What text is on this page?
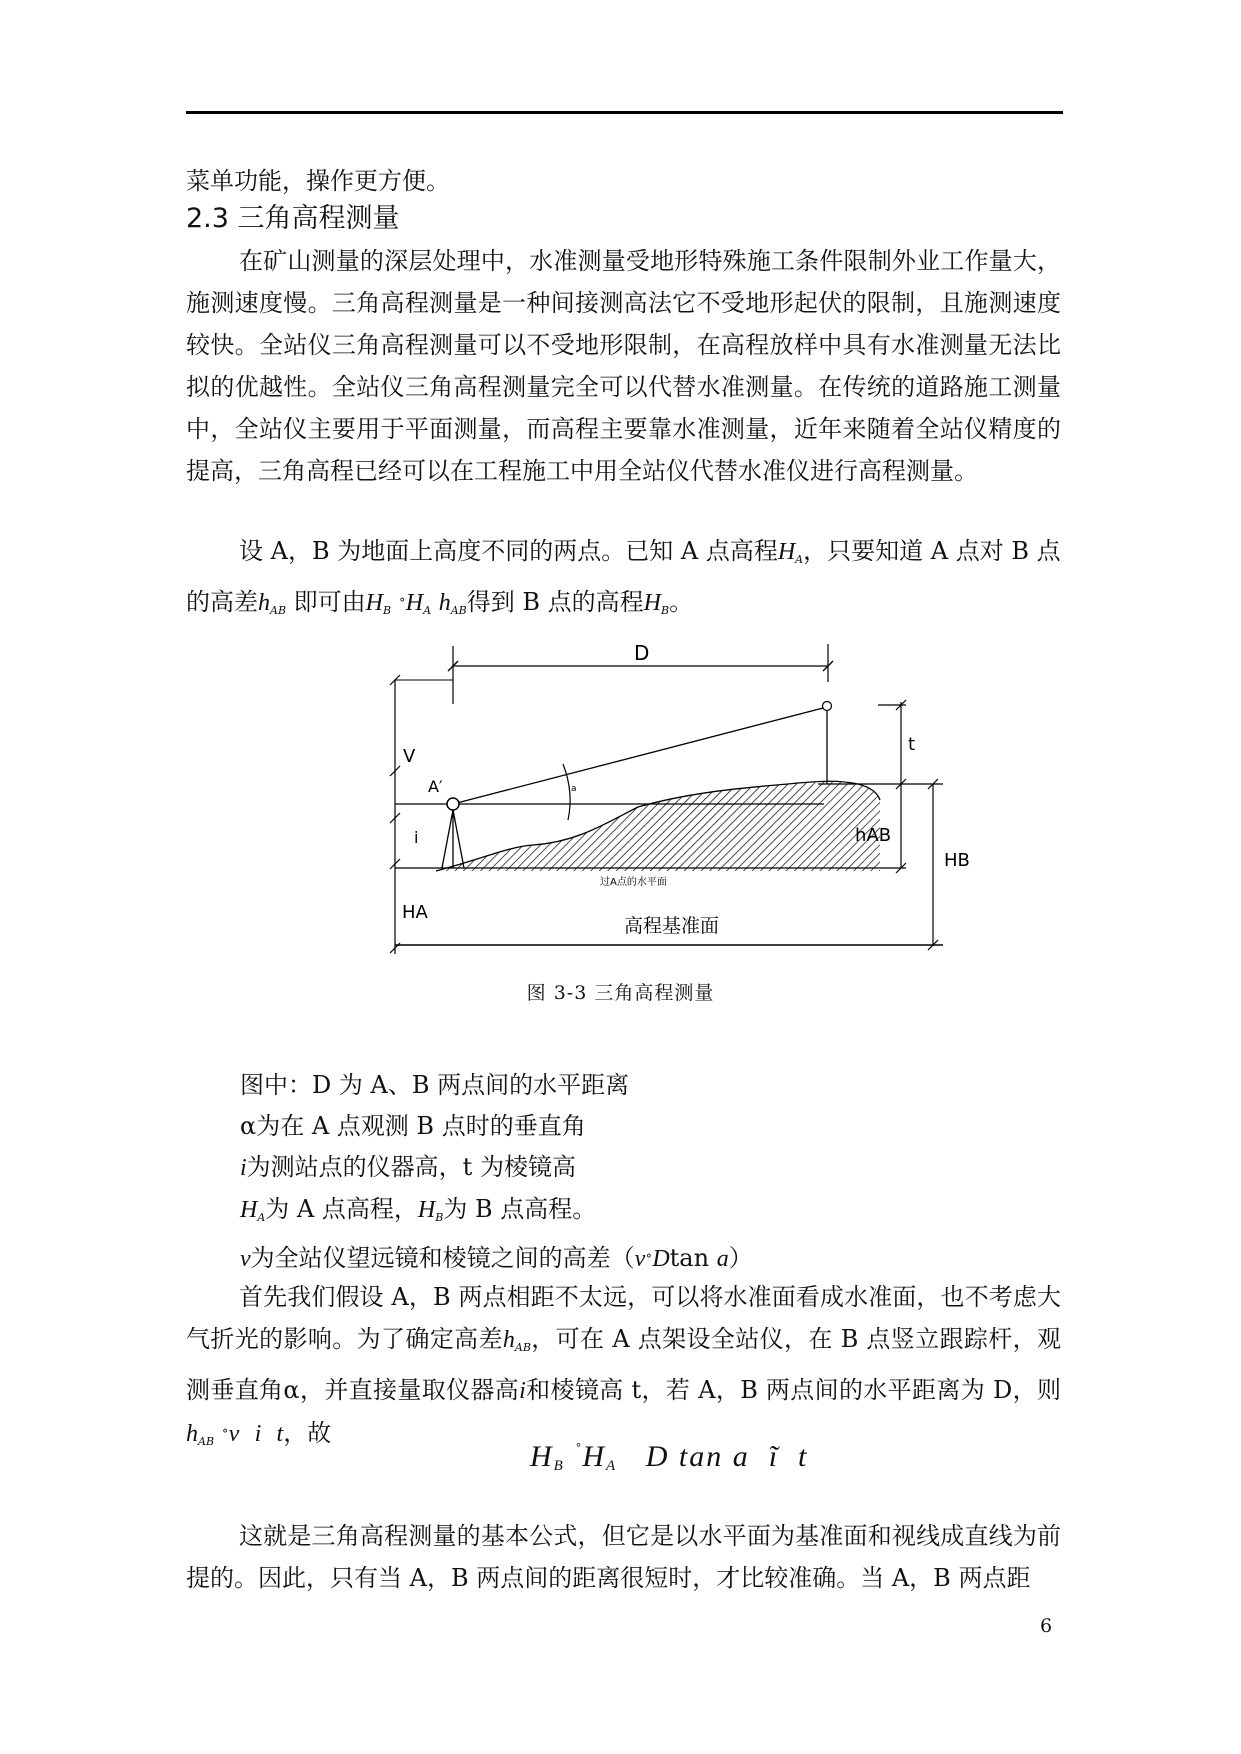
菜单功能，操作更方便。

2.3 三角高程测量

在矿山测量的深层处理中，水准测量受地形特殊施工条件限制外业工作量大，施测速度慢。三角高程测量是一种间接测高法它不受地形起伏的限制，且施测速度较快。全站仪三角高程测量可以不受地形限制，在高程放样中具有水准测量无法比拟的优越性。全站仪三角高程测量完全可以代替水准测量。在传统的道路施工测量中，全站仪主要用于平面测量，而高程主要靠水准测量，近年来随着全站仪精度的提高，三角高程已经可以在工程施工中用全站仪代替水准仪进行高程测量。

设 A，B 为地面上高度不同的两点。已知 A 点高程$H_A$，只要知道 A 点对 B 点
的高差$h_{AB}$ 即可由$H_B$ $˚H_A$ $h_{AB}$得到 B 点的高程$H_B$。

D
V
i
HA
a
A′
过A点的水平面
t
hAB
HB
高程基准面
图 3-3 三角高程测量
图中：D 为 A、B 两点间的水平距离
α为在 A 点观测 B 点时的垂直角
i为测站点的仪器高，t 为棱镜高
$H_A$为 A 点高程，$H_B$为 B 点高程。
v为全站仪望远镜和棱镜之间的高差（v˚Dtan a）

首先我们假设 A，B 两点相距不太远，可以将水准面看成水准面，也不考虑大气折光的影响。为了确定高差$h_{AB}$，可在 A 点架设全站仪，在 B 点竖立跟踪杆，观测垂直角α，并直接量取仪器高i和棱镜高 t，若 A，B 两点间的水平距离为 D，则$h_{AB}$ ˚v i t，故

$H_B$ $^˚H_A$ D tan a ĩ t

这就是三角高程测量的基本公式，但它是以水平面为基准面和视线成直线为前提的。因此，只有当 A，B 两点间的距离很短时，才比较准确。当 A，B 两点距

6
